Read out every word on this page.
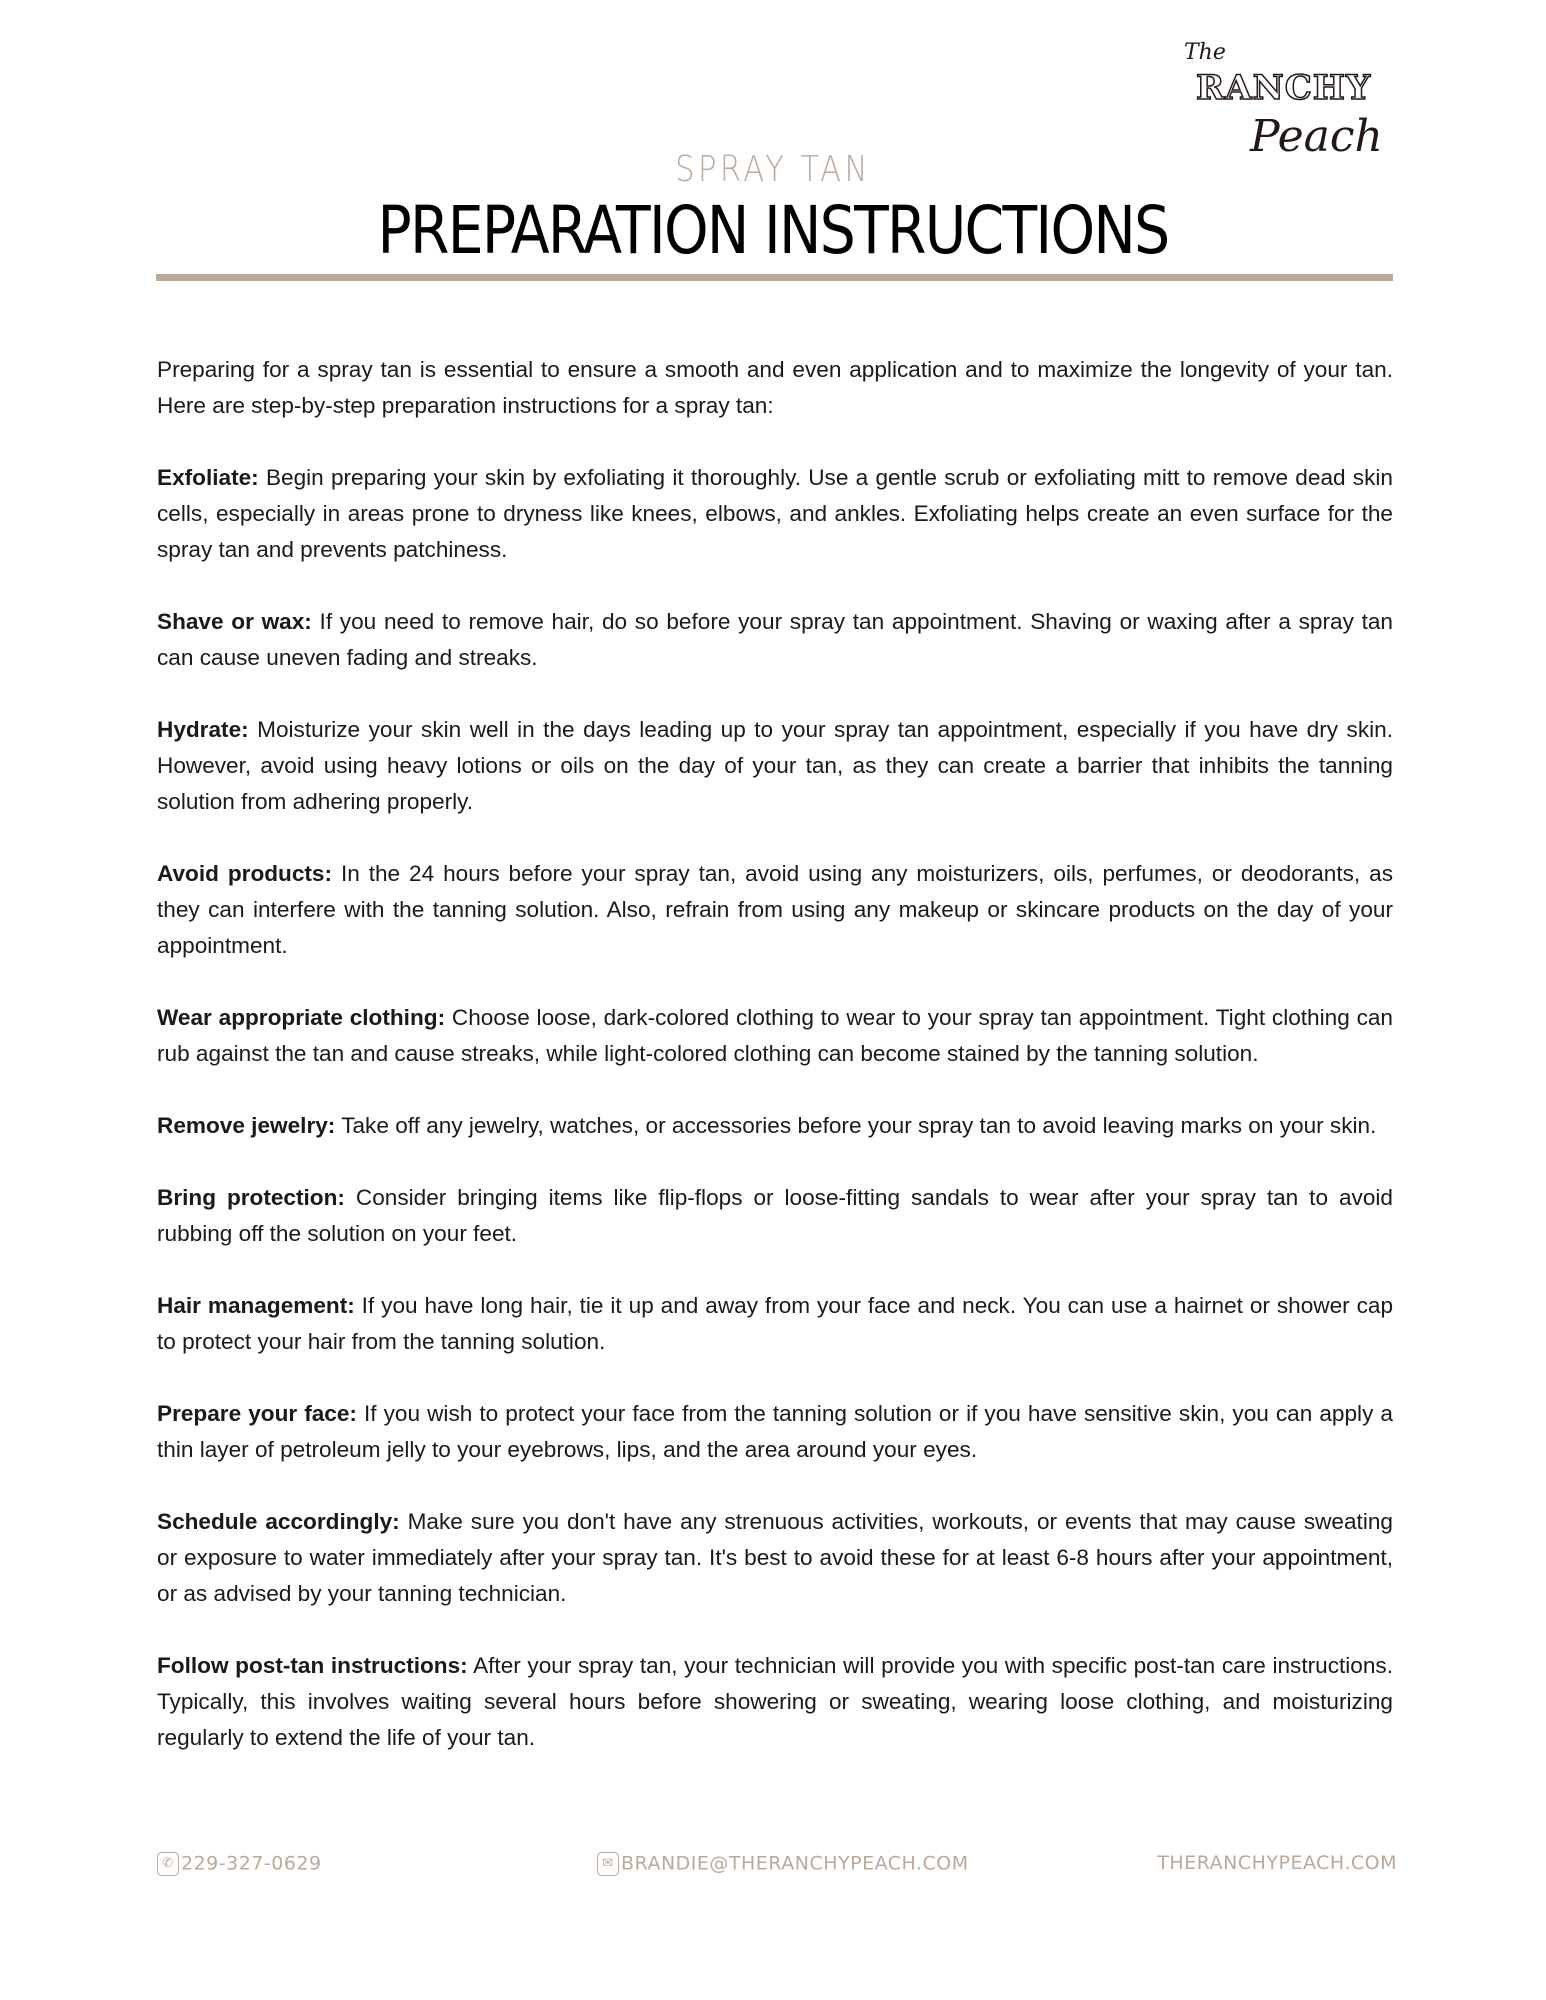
The
RANCHY
Peach
SPRAY TAN
PREPARATION INSTRUCTIONS

Preparing for a spray tan is essential to ensure a smooth and even application and to maximize the longevity of your tan. Here are step-by-step preparation instructions for a spray tan:

Exfoliate: Begin preparing your skin by exfoliating it thoroughly. Use a gentle scrub or exfoliating mitt to remove dead skin cells, especially in areas prone to dryness like knees, elbows, and ankles. Exfoliating helps create an even surface for the spray tan and prevents patchiness.

Shave or wax: If you need to remove hair, do so before your spray tan appointment. Shaving or waxing after a spray tan can cause uneven fading and streaks.

Hydrate: Moisturize your skin well in the days leading up to your spray tan appointment, especially if you have dry skin. However, avoid using heavy lotions or oils on the day of your tan, as they can create a barrier that inhibits the tanning solution from adhering properly.

Avoid products: In the 24 hours before your spray tan, avoid using any moisturizers, oils, perfumes, or deodorants, as they can interfere with the tanning solution. Also, refrain from using any makeup or skincare products on the day of your appointment.

Wear appropriate clothing: Choose loose, dark-colored clothing to wear to your spray tan appointment. Tight clothing can rub against the tan and cause streaks, while light-colored clothing can become stained by the tanning solution.

Remove jewelry: Take off any jewelry, watches, or accessories before your spray tan to avoid leaving marks on your skin.

Bring protection: Consider bringing items like flip-flops or loose-fitting sandals to wear after your spray tan to avoid rubbing off the solution on your feet.

Hair management: If you have long hair, tie it up and away from your face and neck. You can use a hairnet or shower cap to protect your hair from the tanning solution.

Prepare your face: If you wish to protect your face from the tanning solution or if you have sensitive skin, you can apply a thin layer of petroleum jelly to your eyebrows, lips, and the area around your eyes.

Schedule accordingly: Make sure you don't have any strenuous activities, workouts, or events that may cause sweating or exposure to water immediately after your spray tan. It's best to avoid these for at least 6-8 hours after your appointment, or as advised by your tanning technician.

Follow post-tan instructions: After your spray tan, your technician will provide you with specific post-tan care instructions. Typically, this involves waiting several hours before showering or sweating, wearing loose clothing, and moisturizing regularly to extend the life of your tan.

✆ 229-327-0629	✉ BRANDIE@THERANCHYPEACH.COM	THERANCHYPEACH.COM
